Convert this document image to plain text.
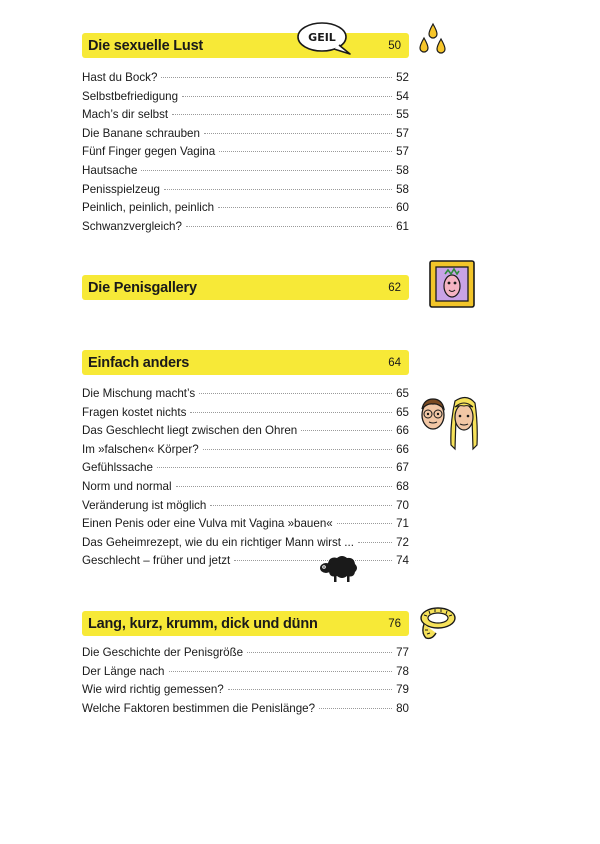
Die sexuelle Lust	50
GEIL
Hast du Bock?	52
Selbstbefriedigung	54
Mach’s dir selbst	55
Die Banane schrauben	57
Fünf Finger gegen Vagina	57
Hautsache	58
Penisspielzeug	58
Peinlich, peinlich, peinlich	60
Schwanzvergleich?	61
Die Penisgallery	62
Einfach anders	64
Die Mischung macht’s	65
Fragen kostet nichts	65
Das Geschlecht liegt zwischen den Ohren	66
Im »falschen« Körper?	66
Gefühlssache	67
Norm und normal	68
Veränderung ist möglich	70
Einen Penis oder eine Vulva mit Vagina »bauen«	71
Das Geheimrezept, wie du ein richtiger Mann wirst ...	72
Geschlecht – früher und jetzt	74
Lang, kurz, krumm, dick und dünn	76
Die Geschichte der Penisgröße	77
Der Länge nach	78
Wie wird richtig gemessen?	79
Welche Faktoren bestimmen die Penislänge?	80
